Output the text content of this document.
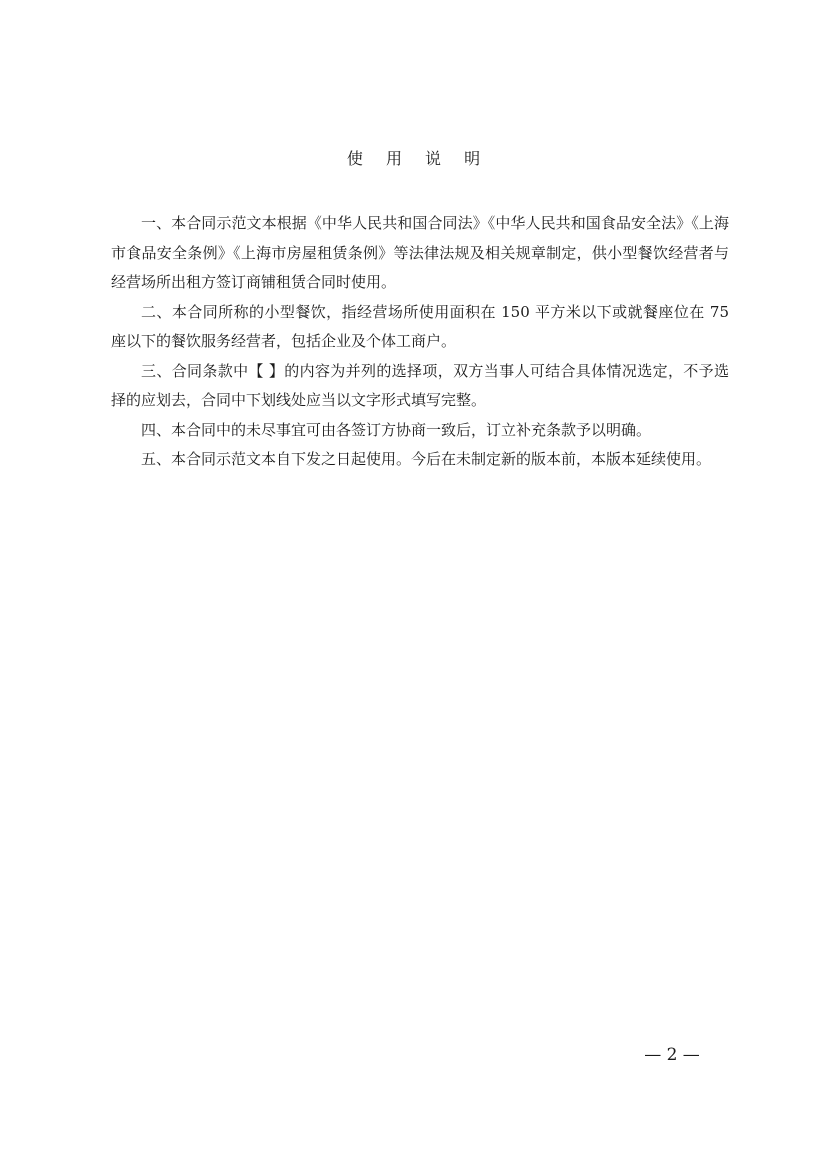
使 用 说 明

一、本合同示范文本根据《中华人民共和国合同法》《中华人民共和国食品安全法》《上海市食品安全条例》《上海市房屋租赁条例》等法律法规及相关规章制定，供小型餐饮经营者与经营场所出租方签订商铺租赁合同时使用。

二、本合同所称的小型餐饮，指经营场所使用面积在 150 平方米以下或就餐座位在 75 座以下的餐饮服务经营者，包括企业及个体工商户。

三、合同条款中【 】的内容为并列的选择项，双方当事人可结合具体情况选定，不予选择的应划去，合同中下划线处应当以文字形式填写完整。

四、本合同中的未尽事宜可由各签订方协商一致后，订立补充条款予以明确。

五、本合同示范文本自下发之日起使用。今后在未制定新的版本前，本版本延续使用。

— 2 —
